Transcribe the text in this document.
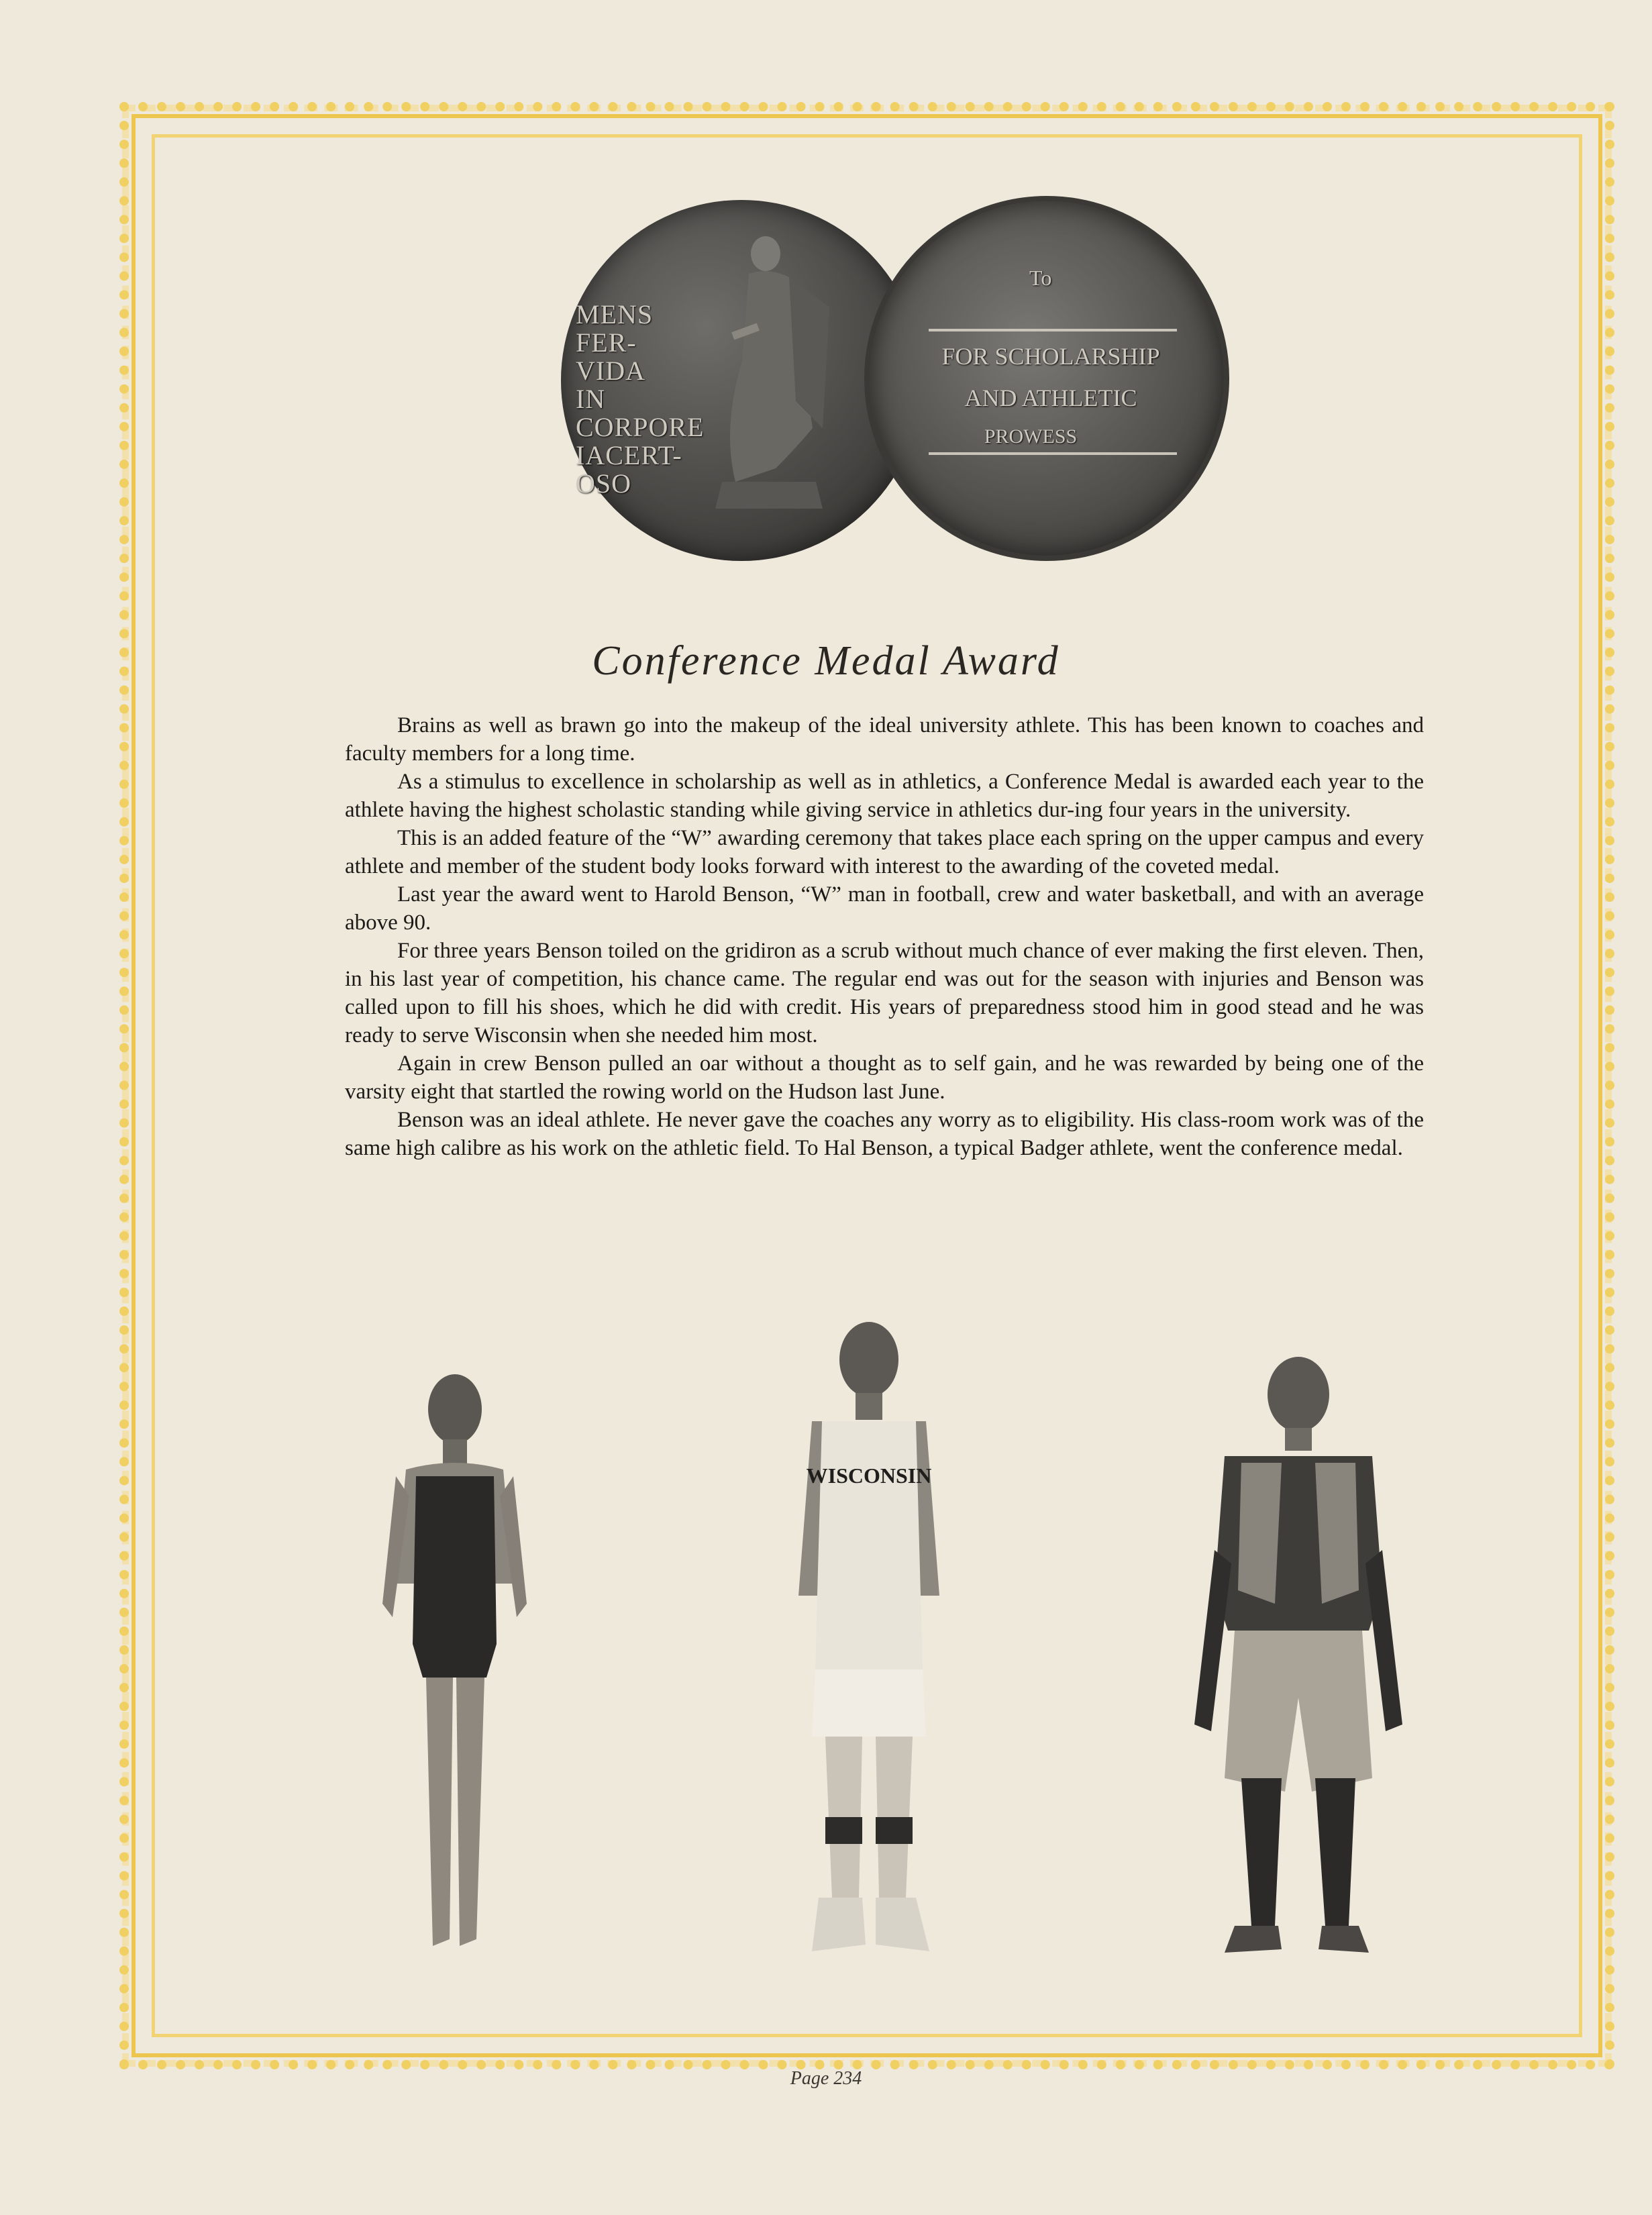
MENS
FER-
VIDA IN
CORPORE
IACERT-
OSO
To
FOR SCHOLARSHIP
AND ATHLETIC
PROWESS
Conference Medal Award

Brains as well as brawn go into the makeup of the ideal university athlete. This has been known to coaches and faculty members for a long time.

As a stimulus to excellence in scholarship as well as in athletics, a Conference Medal is awarded each year to the athlete having the highest scholastic standing while giving service in athletics dur-ing four years in the university.

This is an added feature of the “W” awarding ceremony that takes place each spring on the upper campus and every athlete and member of the student body looks forward with interest to the awarding of the coveted medal.

Last year the award went to Harold Benson, “W” man in football, crew and water basketball, and with an average above 90.

For three years Benson toiled on the gridiron as a scrub without much chance of ever making the first eleven. Then, in his last year of competition, his chance came. The regular end was out for the season with injuries and Benson was called upon to fill his shoes, which he did with credit. His years of preparedness stood him in good stead and he was ready to serve Wisconsin when she needed him most.

Again in crew Benson pulled an oar without a thought as to self gain, and he was rewarded by being one of the varsity eight that startled the rowing world on the Hudson last June.

Benson was an ideal athlete. He never gave the coaches any worry as to eligibility. His class-room work was of the same high calibre as his work on the athletic field. To Hal Benson, a typical Badger athlete, went the conference medal.

WISCONSIN
Page 234
